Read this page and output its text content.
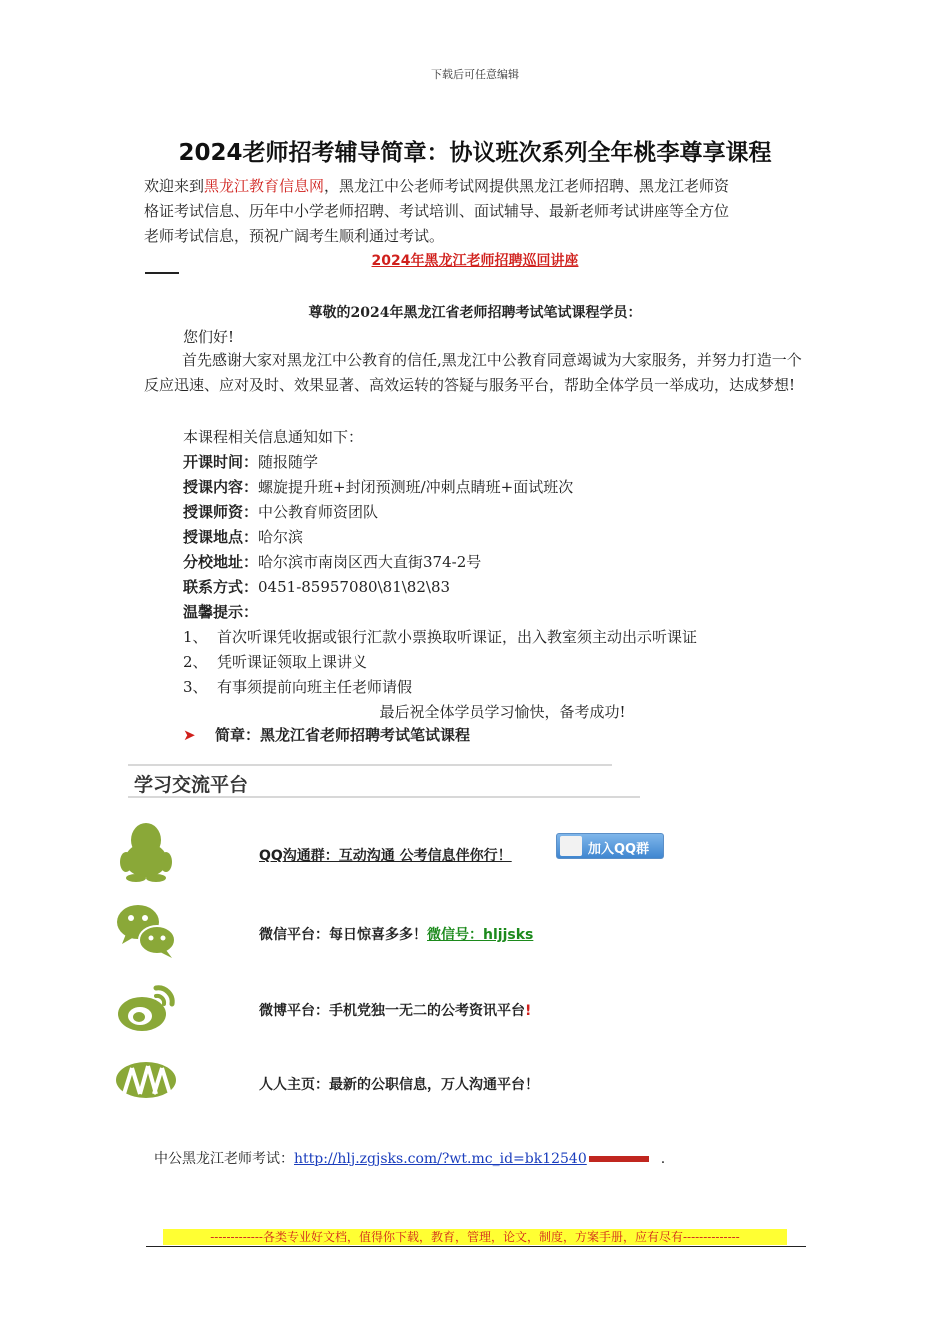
下载后可任意编辑
2024老师招考辅导简章：协议班次系列全年桃李尊享课程
欢迎来到黑龙江教育信息网，黑龙江中公老师考试网提供黑龙江老师招聘、黑龙江老师资
格证考试信息、历年中小学老师招聘、考试培训、面试辅导、最新老师考试讲座等全方位
老师考试信息，预祝广阔考生顺利通过考试。
2024年黑龙江老师招聘巡回讲座
尊敬的2024年黑龙江省老师招聘考试笔试课程学员：
您们好!
首先感谢大家对黑龙江中公教育的信任,黑龙江中公教育同意竭诚为大家服务，并努力打造一个反应迅速、应对及时、效果显著、高效运转的答疑与服务平台，帮助全体学员一举成功，达成梦想!
本课程相关信息通知如下：
开课时间：随报随学
授课内容：螺旋提升班+封闭预测班/冲刺点睛班+面试班次
授课师资：中公教育师资团队
授课地点：哈尔滨
分校地址：哈尔滨市南岗区西大直街374-2号
联系方式：0451-85957080\81\82\83
温馨提示：
1、 首次听课凭收据或银行汇款小票换取听课证，出入教室须主动出示听课证
2、 凭听课证领取上课讲义
3、 有事须提前向班主任老师请假
最后祝全体学员学习愉快，备考成功!
➤ 简章：黑龙江省老师招聘考试笔试课程
学习交流平台
QQ沟通群：互动沟通 公考信息伴你行！	加入QQ群
微信平台：每日惊喜多多！微信号：hljjsks
微博平台：手机党独一无二的公考资讯平台!
人人主页：最新的公职信息，万人沟通平台！
中公黑龙江老师考试：http://hlj.zgjsks.com/?wt.mc_id=bk12540	.
-------------各类专业好文档，值得你下载，教育，管理，论文，制度，方案手册，应有尽有--------------
